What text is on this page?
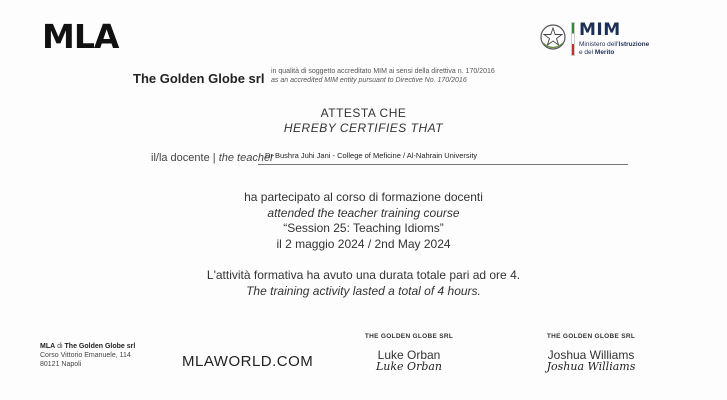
MLA	MIM
Ministero dell'Istruzione
e del Merito
The Golden Globe srl in qualità di soggetto accreditato MIM ai sensi della direttiva n. 170/2016
as an accredited MIM entity pursuant to Directive No. 170/2016
ATTESTA CHE
HEREBY CERTIFIES THAT
il/la docente | the teacher
Dr Bushra Juhi Jani - College of Meficine / Al-Nahrain University
ha partecipato al corso di formazione docenti
attended the teacher training course
“Session 25: Teaching Idioms”
il 2 maggio 2024 / 2nd May 2024
L'attività formativa ha avuto una durata totale pari ad ore 4.
The training activity lasted a total of 4 hours.
MLA di The Golden Globe srl
Corso Vittorio Emanuele, 114
80121 Napoli	MLAWORLD.COM
THE GOLDEN GLOBE SRL
Luke Orban
Luke Orban
THE GOLDEN GLOBE SRL
Joshua Williams
Joshua Williams
